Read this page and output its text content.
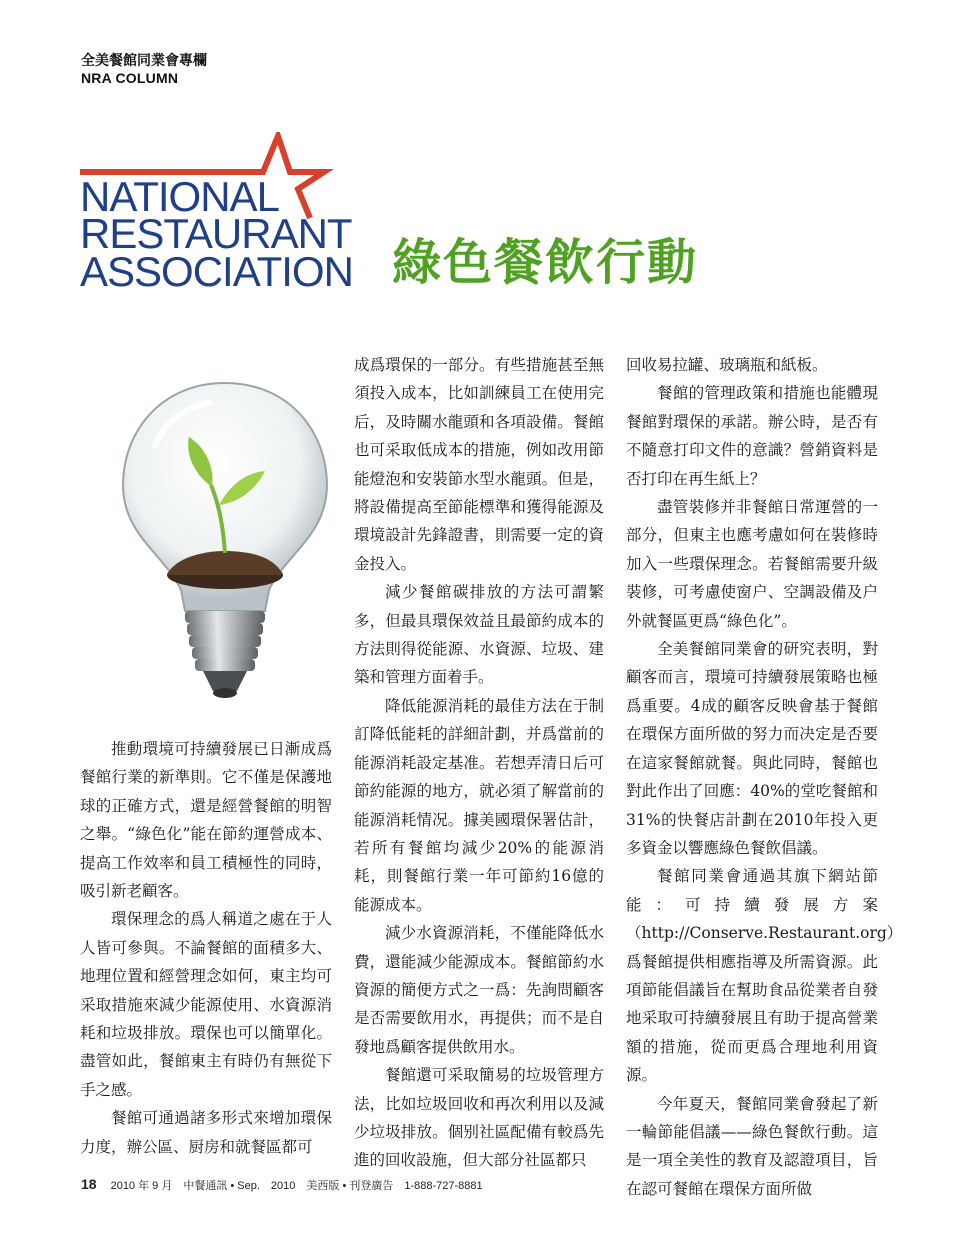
全美餐館同業會專欄
NRA COLUMN
NATIONAL
RESTAURANT
ASSOCIATION 綠色餐飲行動

推動環境可持續發展已日漸成爲餐館行業的新準則。它不僅是保護地球的正確方式，還是經營餐館的明智之舉。“綠色化”能在節約運營成本、提高工作效率和員工積極性的同時，吸引新老顧客。

環保理念的爲人稱道之處在于人人皆可參與。不論餐館的面積多大、地理位置和經營理念如何，東主均可采取措施來減少能源使用、水資源消耗和垃圾排放。環保也可以簡單化。盡管如此，餐館東主有時仍有無從下手之感。

餐館可通過諸多形式來增加環保力度，辦公區、厨房和就餐區都可

成爲環保的一部分。有些措施甚至無須投入成本，比如訓練員工在使用完后，及時關水龍頭和各項設備。餐館也可采取低成本的措施，例如改用節能燈泡和安裝節水型水龍頭。但是，將設備提高至節能標準和獲得能源及環境設計先鋒證書，則需要一定的資金投入。

減少餐館碳排放的方法可謂繁多，但最具環保效益且最節約成本的方法則得從能源、水資源、垃圾、建築和管理方面着手。

降低能源消耗的最佳方法在于制訂降低能耗的詳細計劃，并爲當前的能源消耗設定基准。若想弄清日后可節約能源的地方，就必須了解當前的能源消耗情况。據美國環保署估計，若所有餐館均減少20%的能源消耗，則餐館行業一年可節約16億的能源成本。

減少水資源消耗，不僅能降低水費，還能減少能源成本。餐館節約水資源的簡便方式之一爲：先詢問顧客是否需要飲用水，再提供；而不是自發地爲顧客提供飲用水。

餐館還可采取簡易的垃圾管理方法，比如垃圾回收和再次利用以及減少垃圾排放。個别社區配備有較爲先進的回收設施，但大部分社區都只

回收易拉罐、玻璃瓶和紙板。

餐館的管理政策和措施也能體現餐館對環保的承諾。辦公時，是否有不隨意打印文件的意識？營銷資料是否打印在再生紙上？

盡管裝修并非餐館日常運營的一部分，但東主也應考慮如何在裝修時加入一些環保理念。若餐館需要升級裝修，可考慮使窗户、空調設備及户外就餐區更爲“綠色化”。

全美餐館同業會的研究表明，對顧客而言，環境可持續發展策略也極爲重要。4成的顧客反映會基于餐館在環保方面所做的努力而决定是否要在這家餐館就餐。與此同時，餐館也對此作出了回應：40%的堂吃餐館和31%的快餐店計劃在2010年投入更多資金以響應綠色餐飲倡議。

餐館同業會通過其旗下網站節能：可持續發展方案（http://Conserve.Restaurant.org）爲餐館提供相應指導及所需資源。此項節能倡議旨在幫助食品從業者自發地采取可持續發展且有助于提高營業額的措施，從而更爲合理地利用資源。

今年夏天，餐館同業會發起了新一輪節能倡議——綠色餐飲行動。這是一項全美性的教育及認證項目，旨在認可餐館在環保方面所做

18 2010 年 9 月　中餐通訊 • Sep.　2010　美西版 • 刊登廣告　1-888-727-8881
